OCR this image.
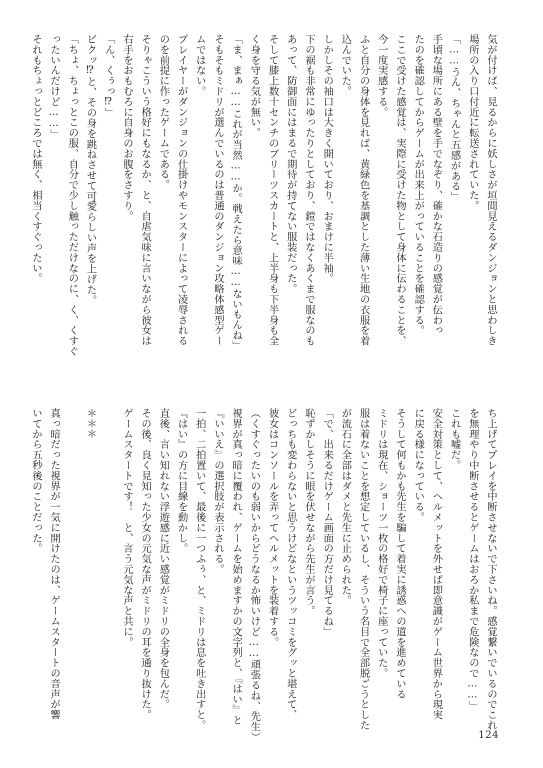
気が付けば、見るからに妖しさが垣間見えるダンジョンと思わしき
場所の入り口付近に転送されていた。
「……うん、ちゃんと五感がある」
手頃な場所にある壁を手でなぞり、確かな石造りの感覚が伝わっ
たのを確認してからゲームが出来上がっていることを確認する。
ここで受けた感覚は、実際に受けた物として身体に伝わることを、
今一度実感する。
ふと自分の身体を見れば、黄緑色を基調とした薄い生地の衣服を着
込んでいた。
しかしその袖口は大きく開いており、おまけに半袖。
下の裾も非常にゆったりとしており、鎧ではなくあくまで服なのも
あって、防御面にはまるで期待が持てない服装だった。
そして膝上数十センチのブリーツスカートと、上半身も下半身も全
く身を守る気が無い。
「ま、まぁ……これが当然……か。戦えたら意味……ないもんね」
そもそもミドリが選んでいるのは普通のダンジョン攻略体感型ゲー
ムではない。
プレイヤーがダンジョンの仕掛けやモンスターによって凌辱される
のを前提に作ったゲームである。
そりゃこういう格好にもなるか、と、自虐気味に言いながら彼女は
右手をおもむろに自身のお腹をさすり。
「ん、くぅっ⁉」
ビクッ⁉と、その身を跳ねさせて可愛らしい声を上げた。
「ちょ、ちょっとこの服、自分で少し触っただけなのに、く、くすぐ
ったいんだけど……」
それもちょっとどころでは無く、相当くすぐったい。
ち上げてプレイを中断させないで下さいね。感覚繋いでいるのでこれ
を無理やり中断させるとゲームはおろか私まで危険なので……」
これも嘘だ。
安全対策として、ヘルメットを外せば即意識がゲーム世界から現実
に戻る様になっている。
そうして何もかも先生を騙して着実に誘惑への道を進めている
ミドリは現在、ショーツ一枚の格好で椅子に座っていた。
服は着ないことを想定しているし、そういう名目で全部脱ごうとした
が流石に全部はダメと先生に止められた。
「で、出来るだけゲーム画面の方だけ見てるね」
恥ずかしそうに眼を伏せながら先生が言う。
どっちも変わらないと思うけどなというツッコミをグッと堪えて、
彼女はコンソールを弄ってヘルメットを装着する。
（くすぐったいのも弱いからどうなるか怖いけど……頑張るね、先生）
視界が真っ暗に覆われ、ゲームを始めますかの文字列と、『はい』と
『いいえ』の選択肢が表示される。
一拍、二拍置いて、最後に一つふぅ、と、ミドリは息を吐き出すと。
『はい』の方に目線を動かし。
直後、言い知れない浮遊感に近い感覚がミドリの全身を包んだ。
その後、良く見知った少女の元気な声がミドリの耳を通り抜けた。
ゲームスタートです！　と、言う元気な声と共に。

＊＊＊

真っ暗だった視界が一気に開けたのは、ゲームスタートの音声が響
いてから五秒後のことだった。
124
